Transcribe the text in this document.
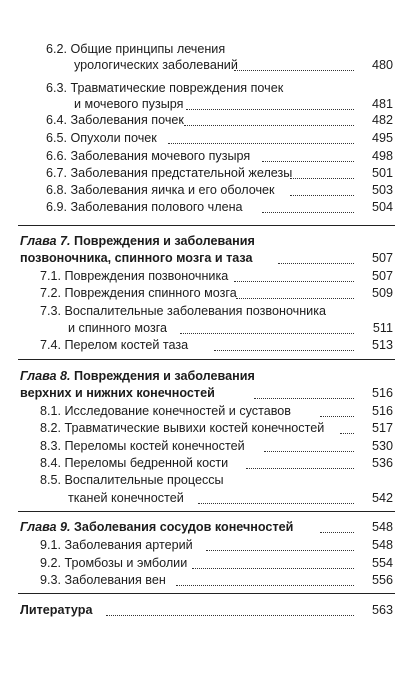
6.2. Общие принципы лечения
урологических заболеваний	480
6.3. Травматические повреждения почек
и мочевого пузыря	481
6.4. Заболевания почек	482
6.5. Опухоли почек	495
6.6. Заболевания мочевого пузыря	498
6.7. Заболевания предстательной железы	501
6.8. Заболевания яичка и его оболочек	503
6.9. Заболевания полового члена	504
Глава 7. Повреждения и заболевания
позвоночника, спинного мозга и таза	507
7.1. Повреждения позвоночника	507
7.2. Повреждения спинного мозга	509
7.3. Воспалительные заболевания позвоночника
и спинного мозга	511
7.4. Перелом костей таза	513
Глава 8. Повреждения и заболевания
верхних и нижних конечностей	516
8.1. Исследование конечностей и суставов	516
8.2. Травматические вывихи костей конечностей	517
8.3. Переломы костей конечностей	530
8.4. Переломы бедренной кости	536
8.5. Воспалительные процессы
тканей конечностей	542
Глава 9. Заболевания сосудов конечностей	548
9.1. Заболевания артерий	548
9.2. Тромбозы и эмболии	554
9.3. Заболевания вен	556
Литература	563
